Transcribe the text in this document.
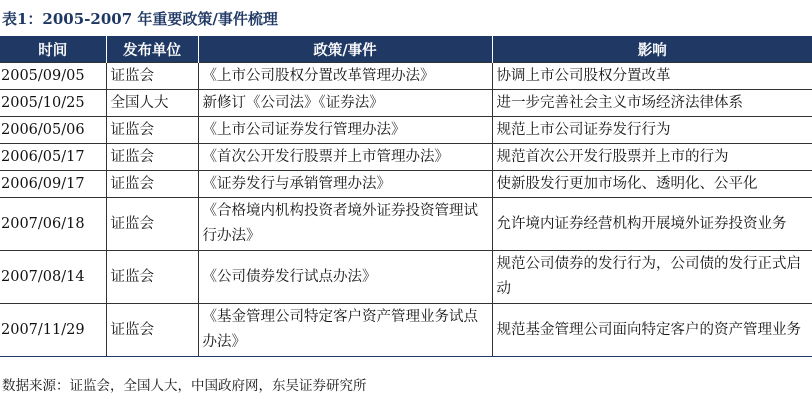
表1：2005-2007 年重要政策/事件梳理
时间	发布单位	政策/事件	影响
2005/09/05	证监会	《上市公司股权分置改革管理办法》	协调上市公司股权分置改革
2005/10/25	全国人大	新修订《公司法》《证券法》	进一步完善社会主义市场经济法律体系
2006/05/06	证监会	《上市公司证券发行管理办法》	规范上市公司证券发行行为
2006/05/17	证监会	《首次公开发行股票并上市管理办法》	规范首次公开发行股票并上市的行为
2006/09/17	证监会	《证券发行与承销管理办法》	使新股发行更加市场化、透明化、公平化
2007/06/18	证监会	《合格境内机构投资者境外证券投资管理试行办法》	允许境内证券经营机构开展境外证券投资业务
2007/08/14	证监会	《公司债券发行试点办法》	规范公司债券的发行行为，公司债的发行正式启动
2007/11/29	证监会	《基金管理公司特定客户资产管理业务试点办法》	规范基金管理公司面向特定客户的资产管理业务
数据来源：证监会，全国人大，中国政府网，东吴证券研究所
